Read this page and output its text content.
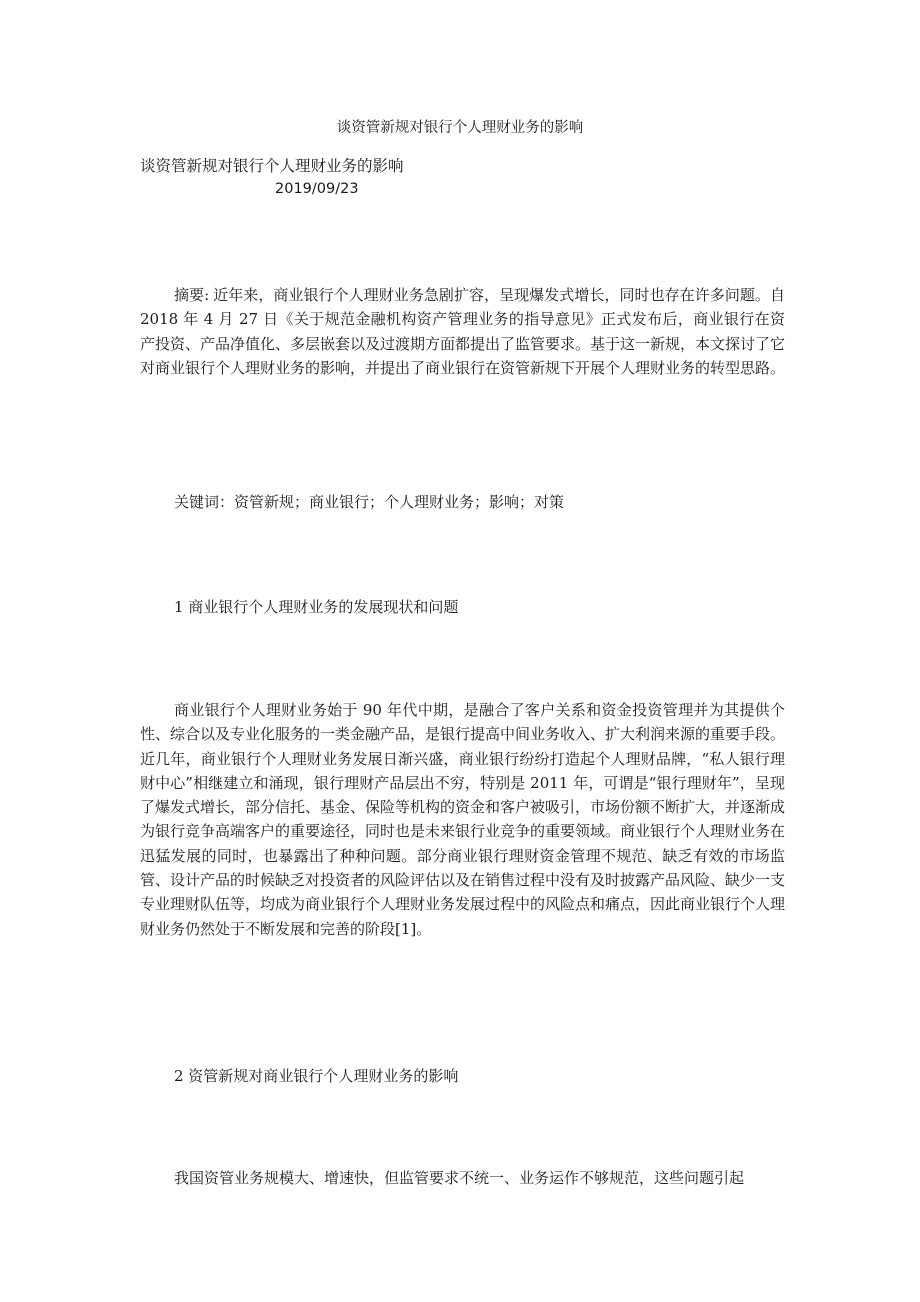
谈资管新规对银行个人理财业务的影响
谈资管新规对银行个人理财业务的影响
2019/09/23

摘要: 近年来，商业银行个人理财业务急剧扩容，呈现爆发式增长，同时也存在许多问题。自 2018 年 4 月 27 日《关于规范金融机构资产管理业务的指导意见》正式发布后，商业银行在资产投资、产品净值化、多层嵌套以及过渡期方面都提出了监管要求。基于这一新规，本文探讨了它对商业银行个人理财业务的影响，并提出了商业银行在资管新规下开展个人理财业务的转型思路。

关键词：资管新规；商业银行；个人理财业务；影响；对策

1 商业银行个人理财业务的发展现状和问题

商业银行个人理财业务始于 90 年代中期，是融合了客户关系和资金投资管理并为其提供个性、综合以及专业化服务的一类金融产品，是银行提高中间业务收入、扩大利润来源的重要手段。近几年，商业银行个人理财业务发展日渐兴盛，商业银行纷纷打造起个人理财品牌，“私人银行理财中心”相继建立和涌现，银行理财产品层出不穷，特别是 2011 年，可谓是“银行理财年”，呈现了爆发式增长，部分信托、基金、保险等机构的资金和客户被吸引，市场份额不断扩大，并逐渐成为银行竞争高端客户的重要途径，同时也是未来银行业竞争的重要领域。商业银行个人理财业务在迅猛发展的同时，也暴露出了种种问题。部分商业银行理财资金管理不规范、缺乏有效的市场监管、设计产品的时候缺乏对投资者的风险评估以及在销售过程中没有及时披露产品风险、缺少一支专业理财队伍等，均成为商业银行个人理财业务发展过程中的风险点和痛点，因此商业银行个人理财业务仍然处于不断发展和完善的阶段[1]。

2 资管新规对商业银行个人理财业务的影响

我国资管业务规模大、增速快，但监管要求不统一、业务运作不够规范，这些问题引起
